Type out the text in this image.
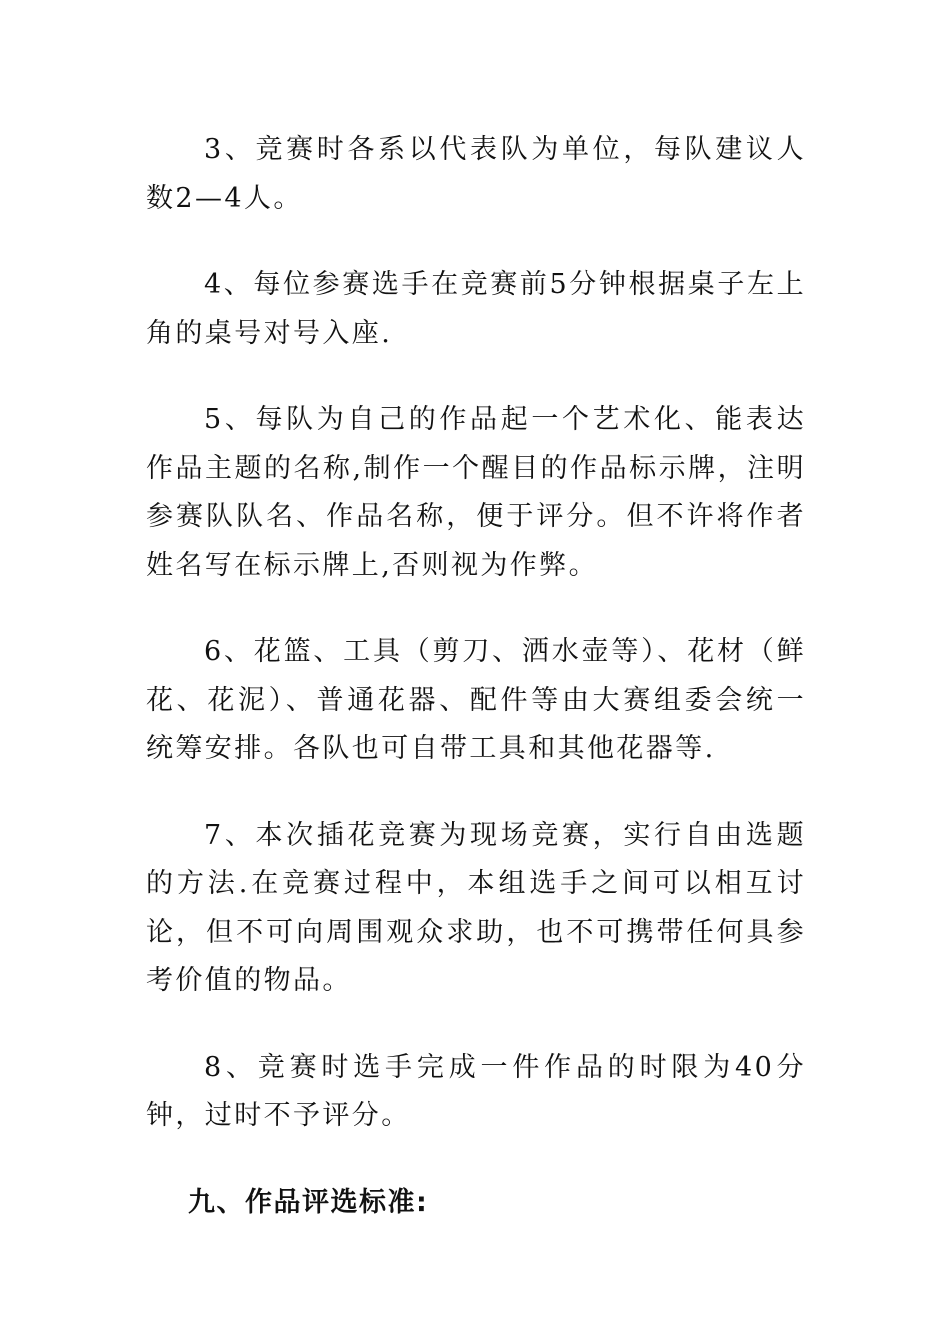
3、竞赛时各系以代表队为单位，每队建议人数2—4人。

4、每位参赛选手在竞赛前5分钟根据桌子左上角的桌号对号入座.

5、每队为自己的作品起一个艺术化、能表达作品主题的名称,制作一个醒目的作品标示牌，注明参赛队队名、作品名称，便于评分。但不许将作者姓名写在标示牌上,否则视为作弊。

6、花篮、工具（剪刀、洒水壶等）、花材（鲜花、花泥）、普通花器、配件等由大赛组委会统一统筹安排。各队也可自带工具和其他花器等.

7、本次插花竞赛为现场竞赛，实行自由选题的方法.在竞赛过程中，本组选手之间可以相互讨论，但不可向周围观众求助，也不可携带任何具参考价值的物品。

8、竞赛时选手完成一件作品的时限为40分钟，过时不予评分。

九、作品评选标准:
